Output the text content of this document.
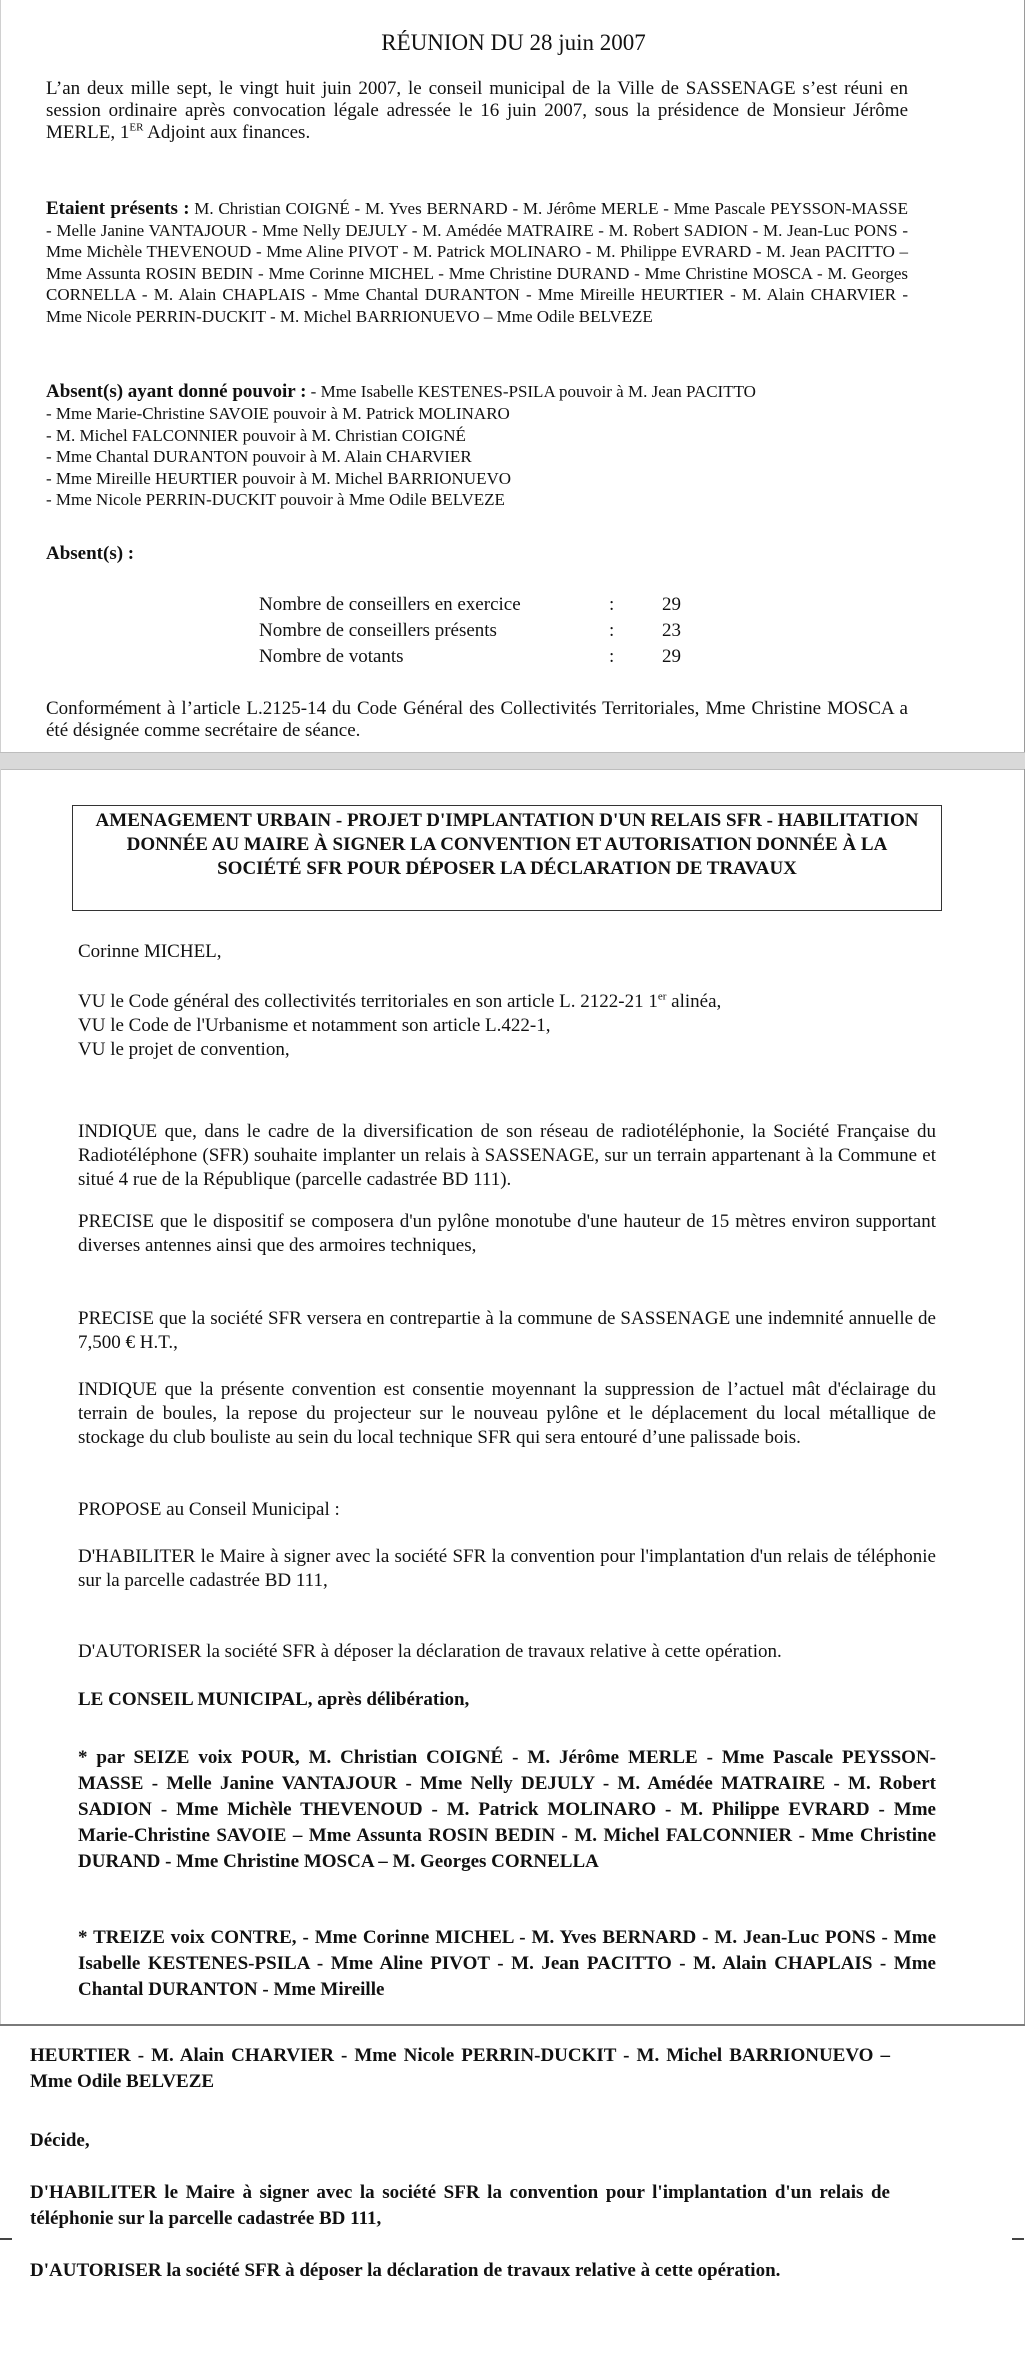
RÉUNION DU 28 juin 2007
L’an deux mille sept, le vingt huit juin 2007, le conseil municipal de la Ville de SASSENAGE s’est réuni en session ordinaire après convocation légale adressée le 16 juin 2007, sous la présidence de Monsieur Jérôme MERLE, 1ER Adjoint aux finances.
Etaient présents : M. Christian COIGNÉ - M. Yves BERNARD - M. Jérôme MERLE - Mme Pascale PEYSSON-MASSE - Melle Janine VANTAJOUR - Mme Nelly DEJULY - M. Amédée MATRAIRE - M. Robert SADION - M. Jean-Luc PONS - Mme Michèle THEVENOUD - Mme Aline PIVOT - M. Patrick MOLINARO - M. Philippe EVRARD - M. Jean PACITTO – Mme Assunta ROSIN BEDIN - Mme Corinne MICHEL - Mme Christine DURAND - Mme Christine MOSCA - M. Georges CORNELLA - M. Alain CHAPLAIS - Mme Chantal DURANTON - Mme Mireille HEURTIER - M. Alain CHARVIER - Mme Nicole PERRIN-DUCKIT - M. Michel BARRIONUEVO – Mme Odile BELVEZE
Absent(s) ayant donné pouvoir : - Mme Isabelle KESTENES-PSILA pouvoir à M. Jean PACITTO
- Mme Marie-Christine SAVOIE pouvoir à M. Patrick MOLINARO
- M. Michel FALCONNIER pouvoir à M. Christian COIGNÉ
- Mme Chantal DURANTON pouvoir à M. Alain CHARVIER
- Mme Mireille HEURTIER pouvoir à M. Michel BARRIONUEVO
- Mme Nicole PERRIN-DUCKIT pouvoir à Mme Odile BELVEZE
Absent(s) :
Nombre de conseillers en exercice	:	29
Nombre de conseillers présents	:	23
Nombre de votants	:	29
Conformément à l’article L.2125-14 du Code Général des Collectivités Territoriales, Mme Christine MOSCA a été désignée comme secrétaire de séance.
AMENAGEMENT URBAIN - PROJET D'IMPLANTATION D'UN RELAIS SFR - HABILITATION DONNÉE AU MAIRE À SIGNER LA CONVENTION ET AUTORISATION DONNÉE À LA SOCIÉTÉ SFR POUR DÉPOSER LA DÉCLARATION DE TRAVAUX
Corinne MICHEL,
VU le Code général des collectivités territoriales en son article L. 2122-21 1er alinéa,
VU le Code de l'Urbanisme et notamment son article L.422-1,
VU le projet de convention,
INDIQUE que, dans le cadre de la diversification de son réseau de radiotéléphonie, la Société Française du Radiotéléphone (SFR) souhaite implanter un relais à SASSENAGE, sur un terrain appartenant à la Commune et situé 4 rue de la République (parcelle cadastrée BD 111).
PRECISE que le dispositif se composera d'un pylône monotube d'une hauteur de 15 mètres environ supportant diverses antennes ainsi que des armoires techniques,
PRECISE que la société SFR versera en contrepartie à la commune de SASSENAGE une indemnité annuelle de 7,500 € H.T.,
INDIQUE que la présente convention est consentie moyennant la suppression de l’actuel mât d'éclairage du terrain de boules, la repose du projecteur sur le nouveau pylône et le déplacement du local métallique de stockage du club bouliste au sein du local technique SFR qui sera entouré d’une palissade bois.
PROPOSE au Conseil Municipal :
D'HABILITER le Maire à signer avec la société SFR la convention pour l'implantation d'un relais de téléphonie sur la parcelle cadastrée BD 111,
D'AUTORISER la société SFR à déposer la déclaration de travaux relative à cette opération.
LE CONSEIL MUNICIPAL, après délibération,
* par SEIZE voix POUR, M. Christian COIGNÉ - M. Jérôme MERLE - Mme Pascale PEYSSON-MASSE - Melle Janine VANTAJOUR - Mme Nelly DEJULY - M. Amédée MATRAIRE - M. Robert SADION - Mme Michèle THEVENOUD - M. Patrick MOLINARO - M. Philippe EVRARD - Mme Marie-Christine SAVOIE – Mme Assunta ROSIN BEDIN - M. Michel FALCONNIER - Mme Christine DURAND - Mme Christine MOSCA – M. Georges CORNELLA
* TREIZE voix CONTRE, - Mme Corinne MICHEL - M. Yves BERNARD - M. Jean-Luc PONS - Mme Isabelle KESTENES-PSILA - Mme Aline PIVOT - M. Jean PACITTO - M. Alain CHAPLAIS - Mme Chantal DURANTON - Mme Mireille
HEURTIER - M. Alain CHARVIER - Mme Nicole PERRIN-DUCKIT - M. Michel BARRIONUEVO – Mme Odile BELVEZE
Décide,
D'HABILITER le Maire à signer avec la société SFR la convention pour l'implantation d'un relais de téléphonie sur la parcelle cadastrée BD 111,
D'AUTORISER la société SFR à déposer la déclaration de travaux relative à cette opération.
